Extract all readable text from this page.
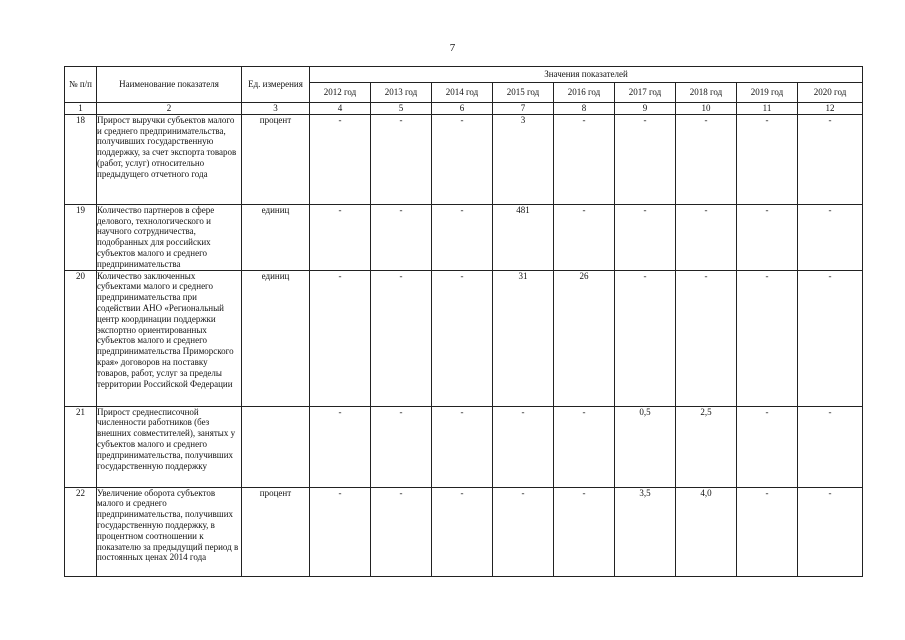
7
№ п/п	Наименование показателя	Ед. измерения	Значения показателей								
			2012 год	2013 год	2014 год	2015 год	2016 год	2017 год	2018 год	2019 год	2020 год
1	2	3	4	5	6	7	8	9	10	11	12
18	Прирост выручки субъектов малого и среднего предпринимательства, получивших государственную поддержку, за счет экспорта товаров (работ, услуг) относительно предыдущего отчетного года	процент	-	-	-	3	-	-	-	-	-
19	Количество партнеров в сфере делового, технологического и научного сотрудничества, подобранных для российских субъектов малого и среднего предпринимательства	единиц	-	-	-	481	-	-	-	-	-
20	Количество заключенных субъектами малого и среднего предпринимательства при содействии АНО «Региональный центр координации поддержки экспортно ориентированных субъектов малого и среднего предпринимательства Приморского края» договоров на поставку товаров, работ, услуг за пределы территории Российской Федерации	единиц	-	-	-	31	26	-	-	-	-
21	Прирост среднесписочной численности работников (без внешних совместителей), занятых у субъектов малого и среднего предпринимательства, получивших государственную поддержку		-	-	-	-	-	0,5	2,5	-	-
22	Увеличение оборота субъектов малого и среднего предпринимательства, получивших государственную поддержку, в процентном соотношении к показателю за предыдущий период в постоянных ценах 2014 года	процент	-	-	-	-	-	3,5	4,0	-	-
